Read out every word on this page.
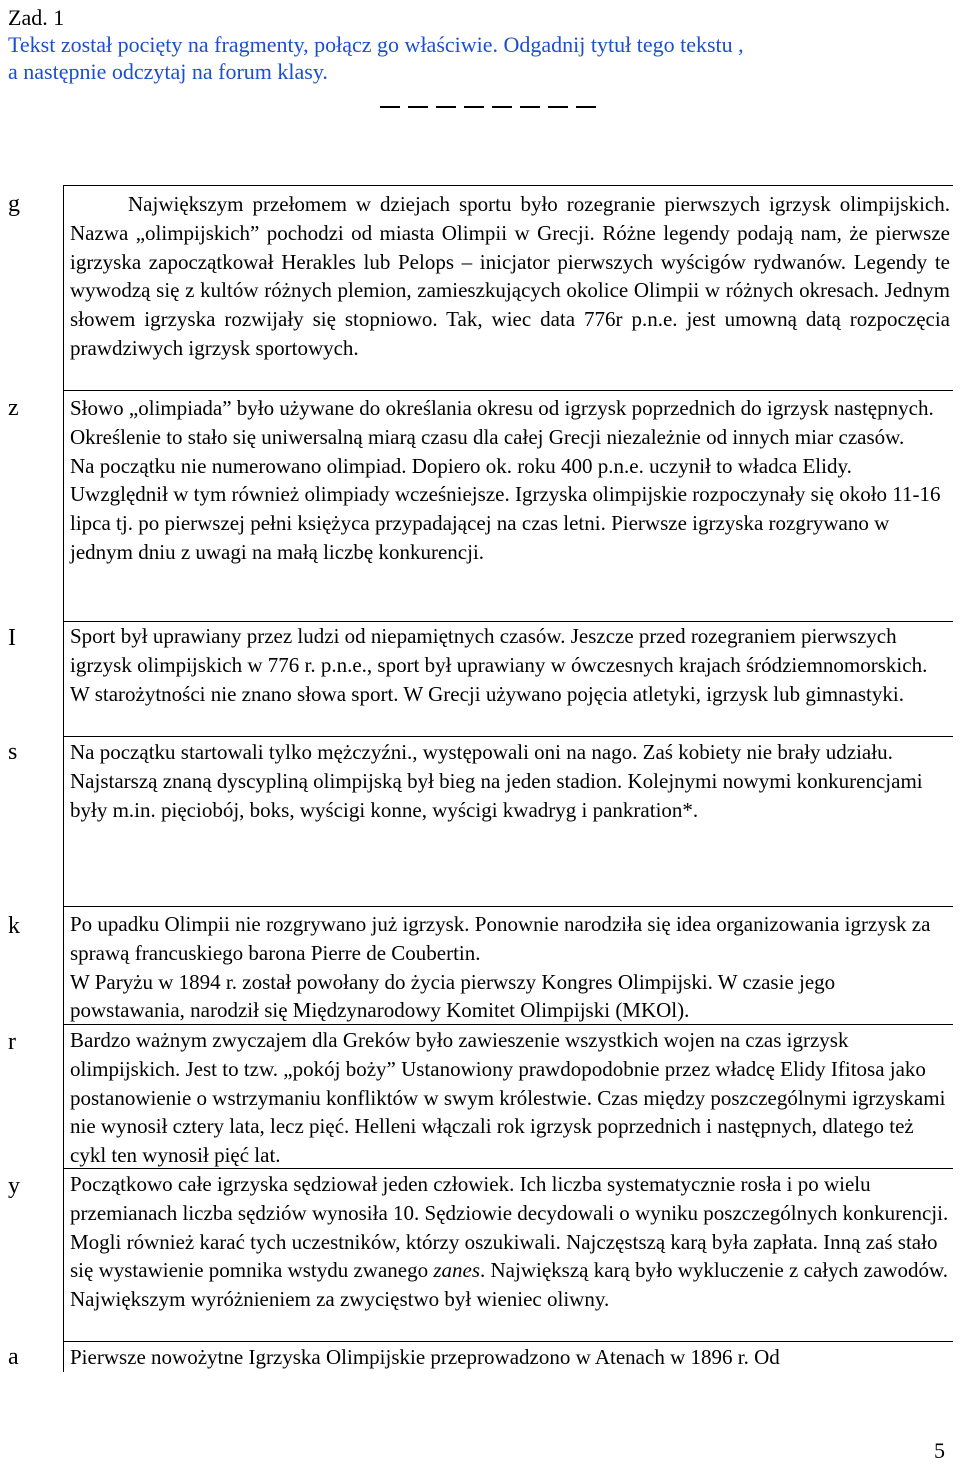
Zad. 1

Tekst został pocięty na fragmenty, połącz go właściwie. Odgadnij tytuł tego tekstu ,

a następnie odczytaj na forum klasy.

g	Największym przełomem w dziejach sportu było rozegranie pierwszych igrzysk olimpijskich. Nazwa „olimpijskich” pochodzi od miasta Olimpii w Grecji. Różne legendy podają nam, że pierwsze igrzyska zapoczątkował Herakles lub Pelops – inicjator pierwszych wyścigów rydwanów. Legendy te wywodzą się z kultów różnych plemion, zamieszkujących okolice Olimpii w różnych okresach. Jednym słowem igrzyska rozwijały się stopniowo. Tak, wiec data 776r p.n.e. jest umowną datą rozpoczęcia prawdziwych igrzysk sportowych.

z Słowo „olimpiada” było używane do określania okresu od igrzysk poprzednich do igrzysk następnych. Określenie to stało się uniwersalną miarą czasu dla całej Grecji niezależnie od innych miar czasów.
Na początku nie numerowano olimpiad. Dopiero ok. roku 400 p.n.e. uczynił to władca Elidy. Uwzględnił w tym również olimpiady wcześniejsze. Igrzyska olimpijskie rozpoczynały się około 11-16 lipca tj. po pierwszej pełni księżyca przypadającej na czas letni. Pierwsze igrzyska rozgrywano w jednym dniu z uwagi na małą liczbę konkurencji.

I	Sport był uprawiany przez ludzi od niepamiętnych czasów. Jeszcze przed rozegraniem pierwszych igrzysk olimpijskich w 776 r. p.n.e., sport był uprawiany w ówczesnych krajach śródziemnomorskich. W starożytności nie znano słowa sport. W Grecji używano pojęcia atletyki, igrzysk lub gimnastyki.

s	Na początku startowali tylko mężczyźni., występowali oni na nago. Zaś kobiety nie brały udziału. Najstarszą znaną dyscypliną olimpijską był bieg na jeden stadion. Kolejnymi nowymi konkurencjami były m.in. pięciobój, boks, wyścigi konne, wyścigi kwadryg i pankration*.

k Po upadku Olimpii nie rozgrywano już igrzysk. Ponownie narodziła się idea organizowania igrzysk za sprawą francuskiego barona Pierre de Coubertin.
W Paryżu w 1894 r. został powołany do życia pierwszy Kongres Olimpijski. W czasie jego powstawania, narodził się Międzynarodowy Komitet Olimpijski (MKOl).

r	Bardzo ważnym zwyczajem dla Greków było zawieszenie wszystkich wojen na czas igrzysk olimpijskich. Jest to tzw. „pokój boży” Ustanowiony prawdopodobnie przez władcę Elidy Ifitosa jako postanowienie o wstrzymaniu konfliktów w swym królestwie. Czas między poszczególnymi igrzyskami nie wynosił cztery lata, lecz pięć. Helleni włączali rok igrzysk poprzednich i następnych, dlatego też cykl ten wynosił pięć lat.

y Początkowo całe igrzyska sędziował jeden człowiek. Ich liczba systematycznie rosła i po wielu przemianach liczba sędziów wynosiła 10. Sędziowie decydowali o wyniku poszczególnych konkurencji. Mogli również karać tych uczestników, którzy oszukiwali. Najczęstszą karą była zapłata. Inną zaś stało się wystawienie pomnika wstydu zwanego zanes. Największą karą było wykluczenie z całych zawodów.
Największym wyróżnieniem za zwycięstwo był wieniec oliwny.

a Pierwsze nowożytne Igrzyska Olimpijskie przeprowadzono w Atenach w 1896 r. Od

5
